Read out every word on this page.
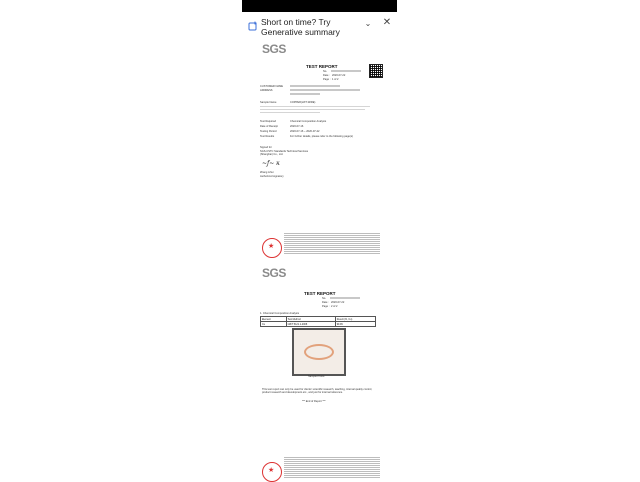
Short on time? Try Generative summary
⌄ ✕
SGS
TEST REPORT
No.
Date : 2020-07-22
Page : 1 of 2
CUSTOMER NAME
ADDRESS
Sample Name	COPPER(HXT-WIRE)
Test Required	Chemical Composition Analysis
Date of Receipt	2020-07-16
Testing Period	2020-07-16 ~ 2020-07-22
Test Results	For further details, please refer to the following page(s)
Signed for
SGS-CSTC Standards Technical Services (Shanghai) Co., Ltd.
~ƒ~ ĸ
Zhang Lihui
Authorized signatory
★
SGS
TEST REPORT
No.
Date : 2020-07-22
Page : 2 of 2
1. Chemical Composition Analysis
Element	Test Method	Result (%, Cu)
Cu	GB/T 5121.1-2008	99.99
Sample Photo
This test report can only be used for clients' scientific research, teaching, internal quality control, product research and development etc., and just for internal reference.
*** End of Report ***
★
